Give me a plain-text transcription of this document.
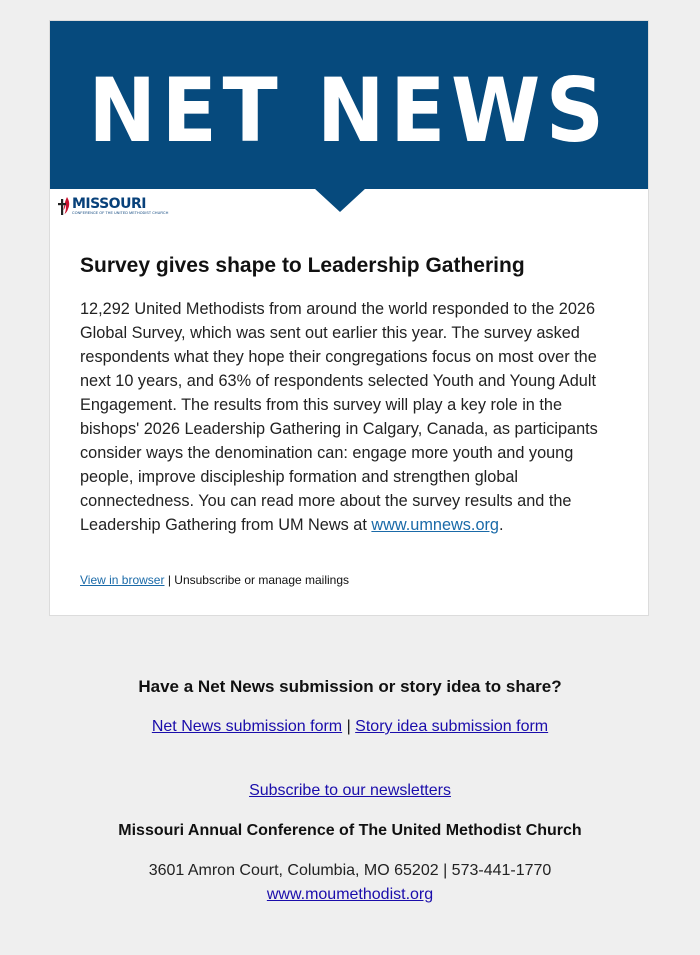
NET NEWS
MISSOURI
CONFERENCE OF THE UNITED METHODIST CHURCH
Survey gives shape to Leadership Gathering

12,292 United Methodists from around the world responded to the 2026 Global Survey, which was sent out earlier this year. The survey asked respondents what they hope their congregations focus on most over the next 10 years, and 63% of respondents selected Youth and Young Adult Engagement. The results from this survey will play a key role in the bishops' 2026 Leadership Gathering in Calgary, Canada, as participants consider ways the denomination can: engage more youth and young people, improve discipleship formation and strengthen global connectedness. You can read more about the survey results and the Leadership Gathering from UM News at www.umnews.org.

View in browser | Unsubscribe or manage mailings
Have a Net News submission or story idea to share?
Net News submission form | Story idea submission form
Subscribe to our newsletters
Missouri Annual Conference of The United Methodist Church
3601 Amron Court, Columbia, MO 65202 | 573-441-1770
www.moumethodist.org
